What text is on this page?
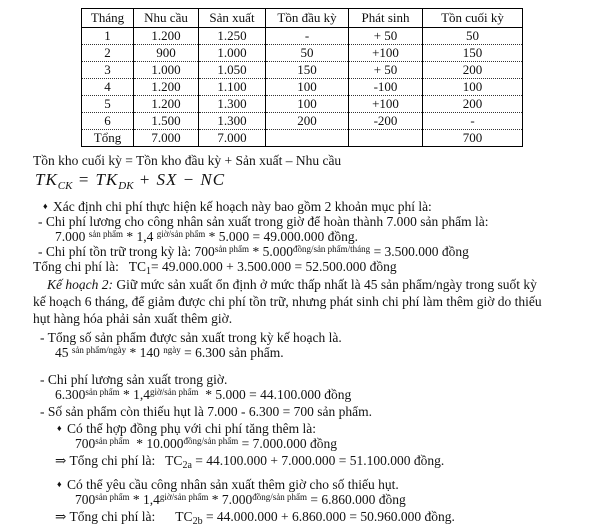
Tháng	Nhu cầu	Sản xuất	Tồn đầu kỳ	Phát sinh	Tồn cuối kỳ
1	1.200	1.250	-	+ 50	50
2	900	1.000	50	+100	150
3	1.000	1.050	150	+ 50	200
4	1.200	1.100	100	-100	100
5	1.200	1.300	100	+100	200
6	1.500	1.300	200	-200	-
Tổng	7.000	7.000			700

Tồn kho cuối kỳ = Tồn kho đầu kỳ + Sản xuất – Nhu cầu

$TK_{CK} = TK_{DK}$ + SX − NC

♦ Xác định chi phí thực hiện kế hoạch này bao gồm 2 khoản mục phí là:

- Chi phí lương cho công nhân sản xuất trong giờ để hoàn thành 7.000 sản phẩm là:

7.000 $^{sản phẩm}$ * 1,4 $^{giờ/sản phẩm}$ * 5.000 = 49.000.000 đồng.

- Chi phí tồn trữ trong kỳ là: $700^{sản phẩm} * 5.000^{đồng/sản phẩm/tháng} = 3.500.000$ đồng

Tổng chi phí là:   $TC_1= 49.000.000 + 3.500.000 = 52.500.000$ đồng

Kế hoạch 2: Giữ mức sản xuất ổn định ở mức thấp nhất là 45 sản phẩm/ngày trong suốt kỳ

kế hoạch 6 tháng, để giảm được chi phí tồn trữ, nhưng phát sinh chi phí làm thêm giờ do thiếu

hụt hàng hóa phải sản xuất thêm giờ.

- Tổng số sản phẩm được sản xuất trong kỳ kế hoạch là.

45 $^{sản phẩm/ngày}$ * 140 $^{ngày}$ = 6.300 sản phẩm.

- Chi phí lương sản xuất trong giờ.

$6.300^{sản phẩm} * 1,4^{giờ/sản phẩm} * 5.000 = 44.100.000$ đồng

- Số sản phẩm còn thiếu hụt là 7.000 - 6.300 = 700 sản phẩm.

♦ Có thể hợp đồng phụ với chi phí tăng thêm là:

$700^{sản phẩm} * 10.000^{đồng/sản phẩm} = 7.000.000$ đồng

⇒ Tổng chi phí là:   $TC_{2a} = 44.100.000 + 7.000.000 = 51.100.000$ đồng.

♦ Có thể yêu cầu công nhân sản xuất thêm giờ cho số thiếu hụt.

$700^{sản phẩm} * 1,4^{giờ/sản phẩm} * 7.000^{đồng/sản phẩm} = 6.860.000$ đồng

⇒ Tổng chi phí là:      $TC_{2b} = 44.000.000 + 6.860.000 = 50.960.000$ đồng.
